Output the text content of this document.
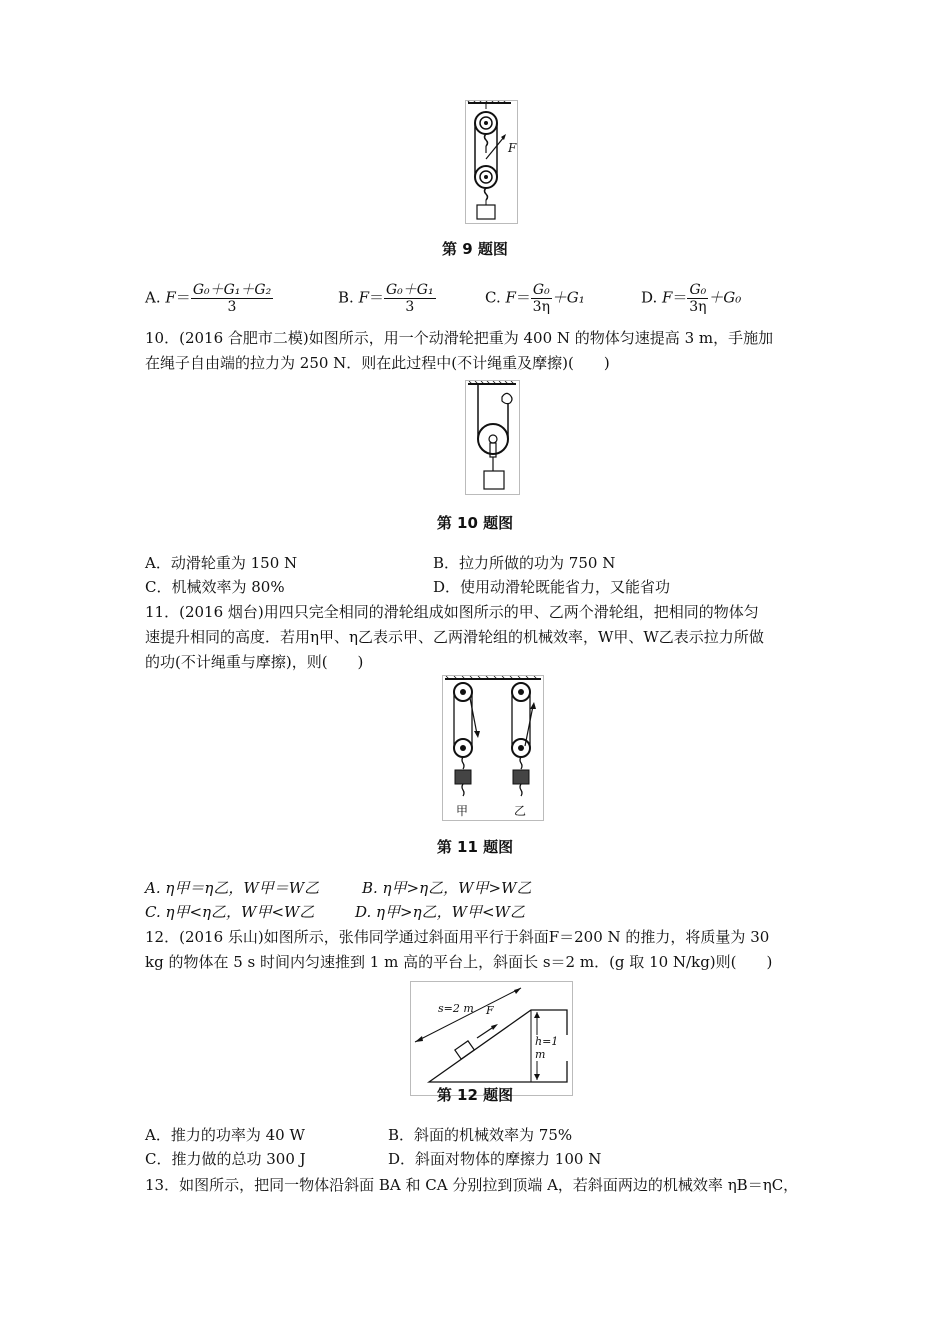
F
第 9 题图
A. $F= \frac{\text{G₀＋G₁＋G₂}}{3}$	B. $F= \frac{\text{G₀＋G₁}}{3}$	C. $F= \frac{\text{G₀}}{3\eta} +G_1$	D. $F= \frac{\text{G₀}}{3\eta} +G_0$
10．(2016 合肥市二模)如图所示，用一个动滑轮把重为 400 N 的物体匀速提高 3 m，手施加
在绳子自由端的拉力为 250 N．则在此过程中(不计绳重及摩擦)(　　)
第 10 题图
A．动滑轮重为 150 N	B．拉力所做的功为 750 N
C．机械效率为 80%	D．使用动滑轮既能省力，又能省功
11．(2016 烟台)用四只完全相同的滑轮组成如图所示的甲、乙两个滑轮组，把相同的物体匀
速提升相同的高度．若用η甲、η乙表示甲、乙两滑轮组的机械效率，W甲、W乙表示拉力所做
的功(不计绳重与摩擦)，则(　　)
甲	乙
第 11 题图
A. η甲＝η乙，W甲＝W乙	B. η甲>η乙，W甲>W乙
C. η甲<η乙，W甲<W乙	D. η甲>η乙，W甲<W乙
12．(2016 乐山)如图所示，张伟同学通过斜面用平行于斜面F＝200 N 的推力，将质量为 30
kg 的物体在 5 s 时间内匀速推到 1 m 高的平台上，斜面长 s＝2 m．(g 取 10 N/kg)则(　　)
s=2 m F
h=1 m
第 12 题图
A．推力的功率为 40 W	B．斜面的机械效率为 75%
C．推力做的总功 300 J	D．斜面对物体的摩擦力 100 N
13．如图所示，把同一物体沿斜面 BA 和 CA 分别拉到顶端 A，若斜面两边的机械效率 ηB＝ηC，
